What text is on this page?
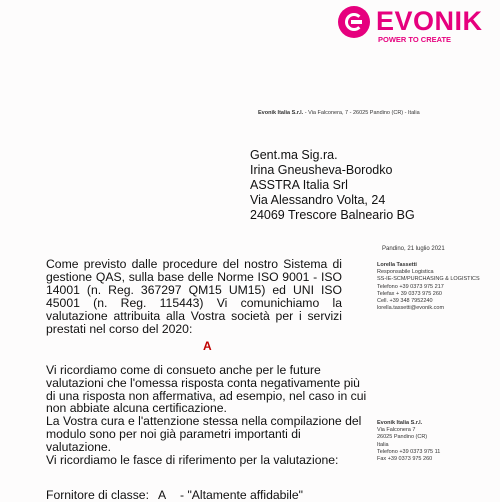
EVONIK
POWER TO CREATE
Evonik Italia S.r.l. - Via Falconera, 7 - 26025 Pandino (CR) - Italia
Gent.ma Sig.ra.
Irina Gneusheva-Borodko
ASSTRA Italia Srl
Via Alessandro Volta, 24
24069 Trescore Balneario BG
Pandino, 21 luglio 2021
Lorella Tassetti
Responsabile Logistica
SS-IE-SCM/PURCHASING & LOGISTICS
Telefono +39 0373 975 217
Telefax + 39 0373 975 260
Cell. +39 348 7952240
lorella.tassetti@evonik.com
Come previsto dalle procedure del nostro Sistema di gestione QAS, sulla base delle Norme ISO 9001 - ISO 14001 (n. Reg. 367297 QM15 UM15) ed UNI ISO 45001 (n. Reg. 115443) Vi comunichiamo la valutazione attribuita alla Vostra società per i servizi prestati nel corso del 2020:
A
Vi ricordiamo come di consueto anche per le future
valutazioni che l'omessa risposta conta negativamente più
di una risposta non affermativa, ad esempio, nel caso in cui
non abbiate alcuna certificazione.
La Vostra cura e l'attenzione stessa nella compilazione del
modulo sono per noi già parametri importanti di
valutazione.
Vi ricordiamo le fasce di riferimento per la valutazione:
Evonik Italia S.r.l.
Via Falconera 7
26025 Pandino (CR)
Italia
Telefono +39 0373 975 11
Fax +39 0373 975 260
Fornitore di classe: A - "Altamente affidabile"
